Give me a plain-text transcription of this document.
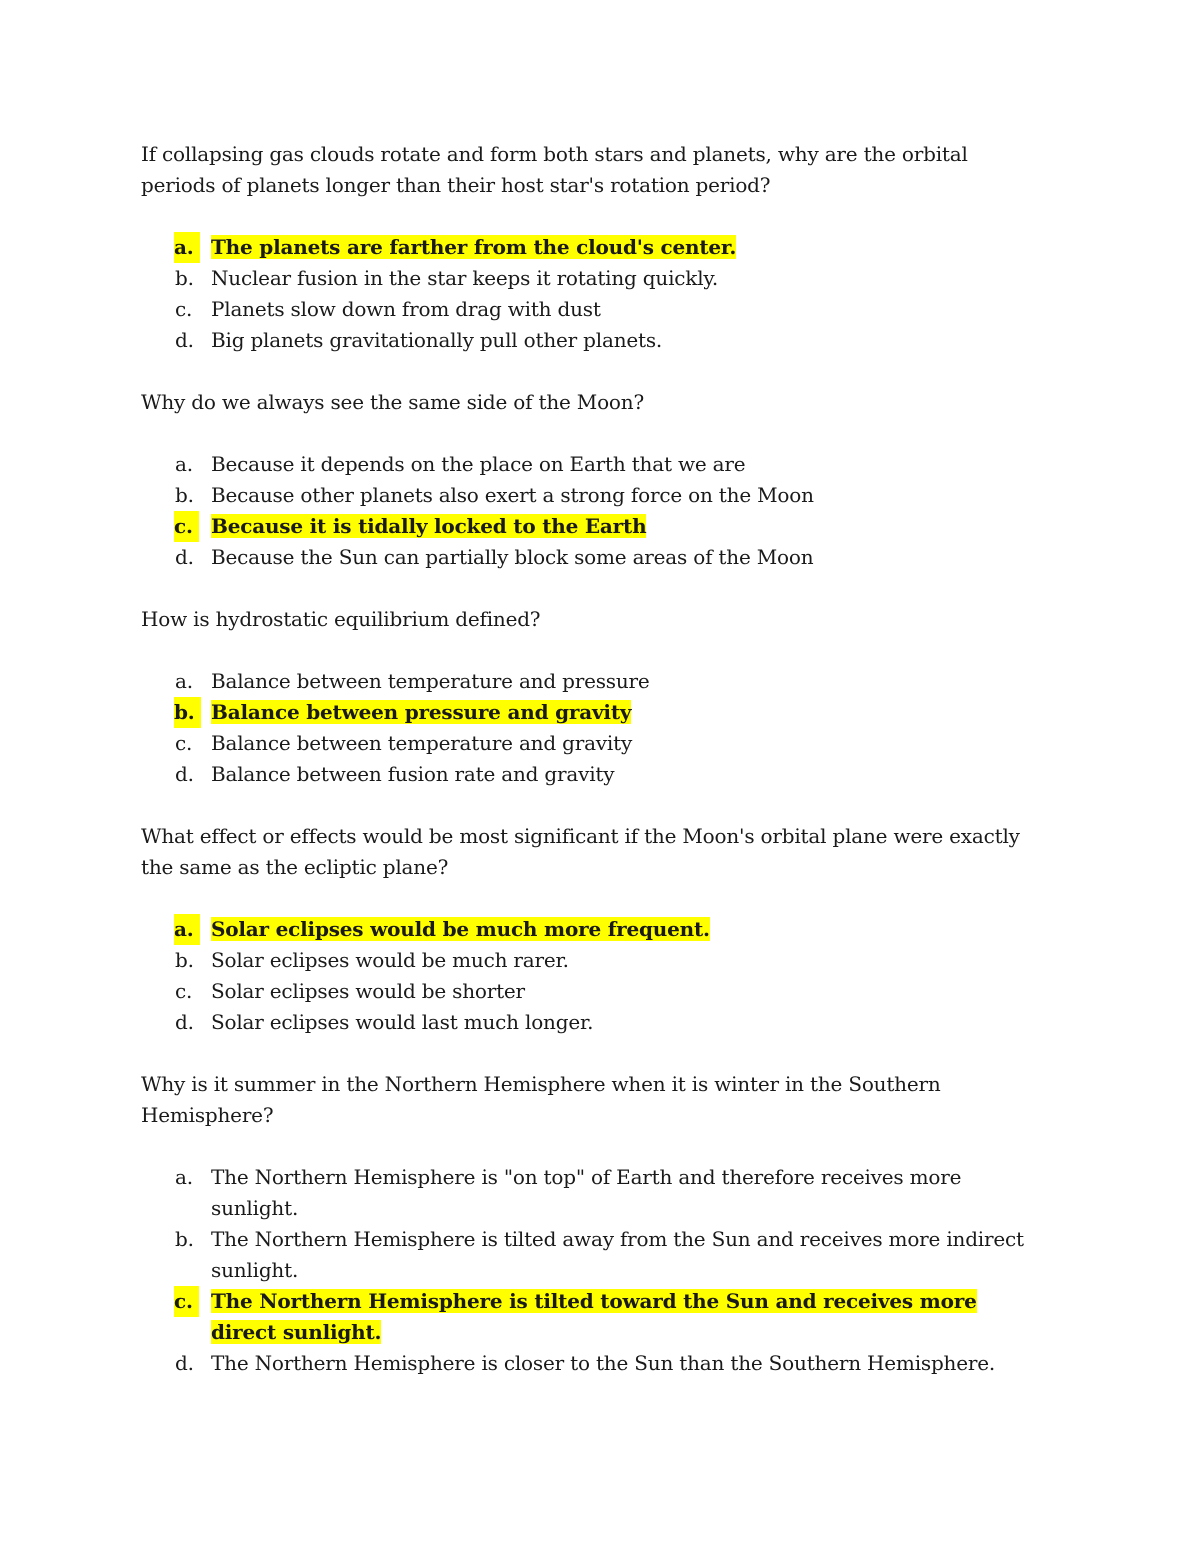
If collapsing gas clouds rotate and form both stars and planets, why are the orbital periods of planets longer than their host star's rotation period?

a. The planets are farther from the cloud's center.
b. Nuclear fusion in the star keeps it rotating quickly.
c. Planets slow down from drag with dust
d. Big planets gravitationally pull other planets.

Why do we always see the same side of the Moon?

a. Because it depends on the place on Earth that we are
b. Because other planets also exert a strong force on the Moon
c. Because it is tidally locked to the Earth
d. Because the Sun can partially block some areas of the Moon

How is hydrostatic equilibrium defined?

a. Balance between temperature and pressure
b. Balance between pressure and gravity
c. Balance between temperature and gravity
d. Balance between fusion rate and gravity

What effect or effects would be most significant if the Moon's orbital plane were exactly the same as the ecliptic plane?

a. Solar eclipses would be much more frequent.
b. Solar eclipses would be much rarer.
c. Solar eclipses would be shorter
d. Solar eclipses would last much longer.

Why is it summer in the Northern Hemisphere when it is winter in the Southern Hemisphere?

a. The Northern Hemisphere is "on top" of Earth and therefore receives more sunlight.
b. The Northern Hemisphere is tilted away from the Sun and receives more indirect sunlight.
c. The Northern Hemisphere is tilted toward the Sun and receives more direct sunlight.
d. The Northern Hemisphere is closer to the Sun than the Southern Hemisphere.
